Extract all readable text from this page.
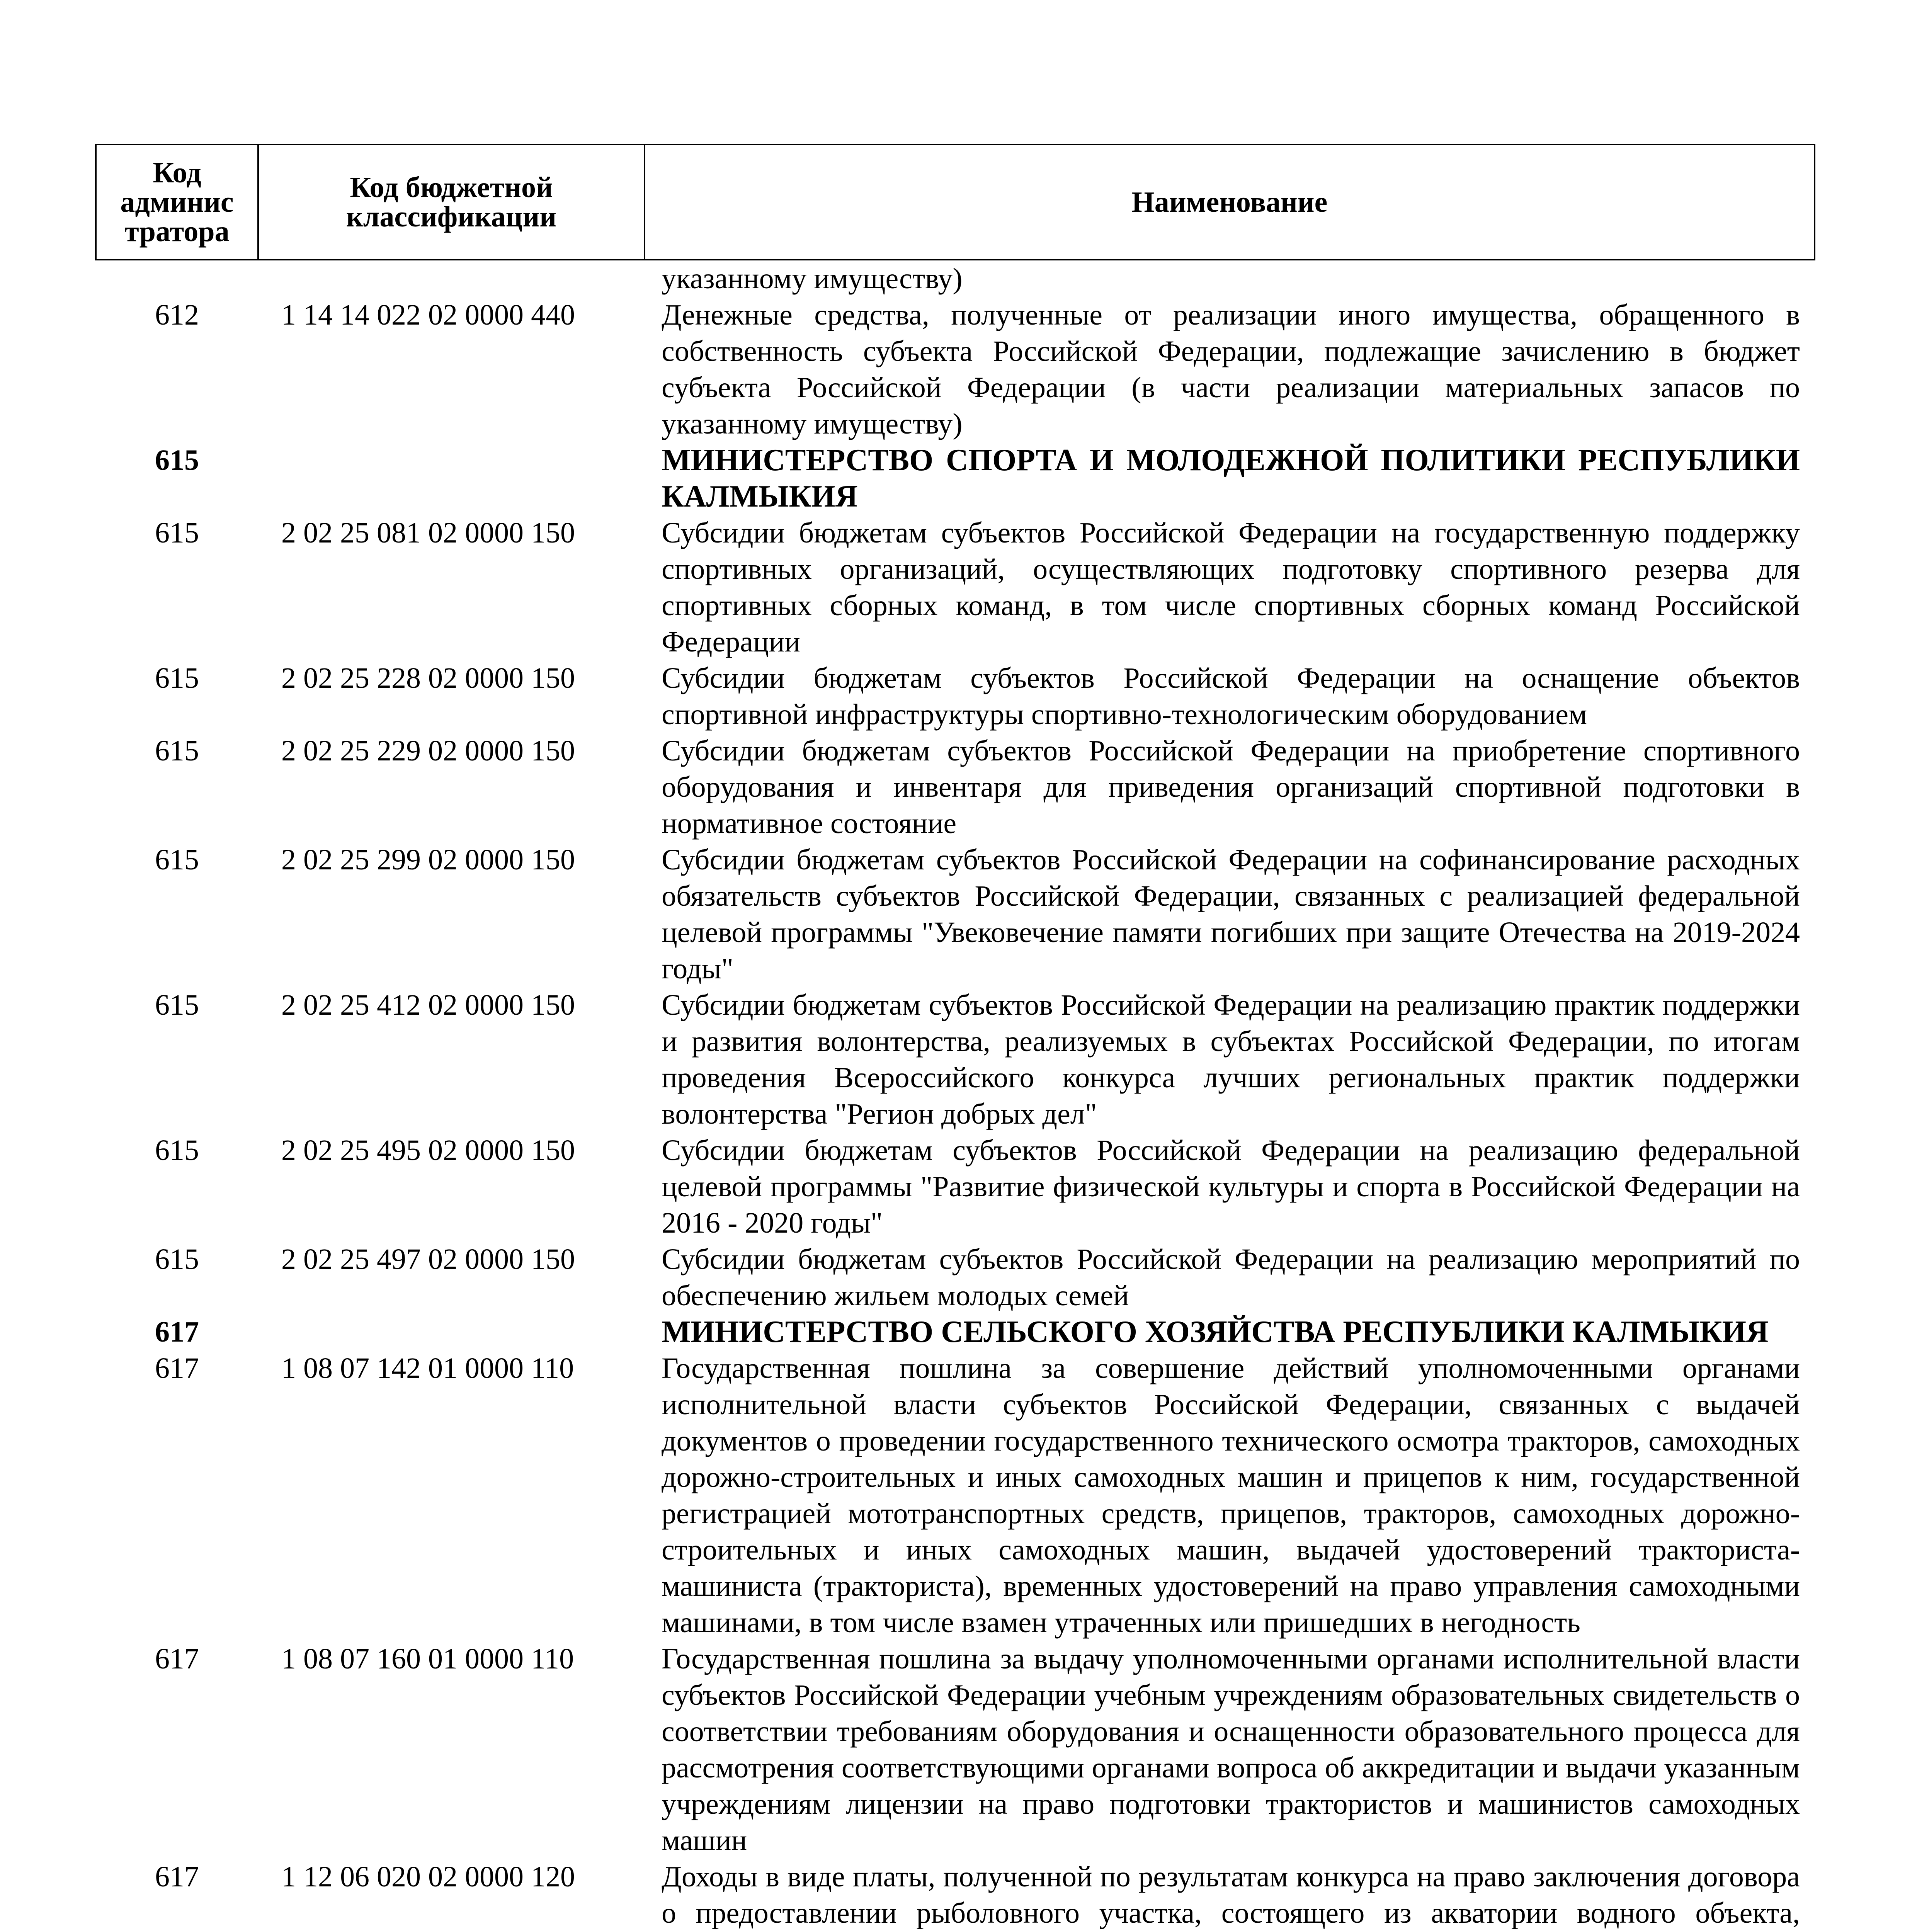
Код админис тратора	Код бюджетной классификации	Наименование
		указанному имуществу)
612	1 14 14 022 02 0000 440	Денежные средства, полученные от реализации иного имущества, обращенного в собственность субъекта Российской Федерации, подлежащие зачислению в бюджет субъекта Российской Федерации (в части реализации материальных запасов по указанному имуществу)
615		МИНИСТЕРСТВО СПОРТА И МОЛОДЕЖНОЙ ПОЛИТИКИ РЕСПУБЛИКИ КАЛМЫКИЯ
615	2 02 25 081 02 0000 150	Субсидии бюджетам субъектов Российской Федерации на государственную поддержку спортивных организаций, осуществляющих подготовку спортивного резерва для спортивных сборных команд, в том числе спортивных сборных команд Российской Федерации
615	2 02 25 228 02 0000 150	Субсидии бюджетам субъектов Российской Федерации на оснащение объектов спортивной инфраструктуры спортивно-технологическим оборудованием
615	2 02 25 229 02 0000 150	Субсидии бюджетам субъектов Российской Федерации на приобретение спортивного оборудования и инвентаря для приведения организаций спортивной подготовки в нормативное состояние
615	2 02 25 299 02 0000 150	Субсидии бюджетам субъектов Российской Федерации на софинансирование расходных обязательств субъектов Российской Федерации, связанных с реализацией федеральной целевой программы "Увековечение памяти погибших при защите Отечества на 2019-2024 годы"
615	2 02 25 412 02 0000 150	Субсидии бюджетам субъектов Российской Федерации на реализацию практик поддержки и развития волонтерства, реализуемых в субъектах Российской Федерации, по итогам проведения Всероссийского конкурса лучших региональных практик поддержки волонтерства "Регион добрых дел"
615	2 02 25 495 02 0000 150	Субсидии бюджетам субъектов Российской Федерации на реализацию федеральной целевой программы "Развитие физической культуры и спорта в Российской Федерации на 2016 - 2020 годы"
615	2 02 25 497 02 0000 150	Субсидии бюджетам субъектов Российской Федерации на реализацию мероприятий по обеспечению жильем молодых семей
617		МИНИСТЕРСТВО СЕЛЬСКОГО ХОЗЯЙСТВА РЕСПУБЛИКИ КАЛМЫКИЯ
617	1 08 07 142 01 0000 110	Государственная пошлина за совершение действий уполномоченными органами исполнительной власти субъектов Российской Федерации, связанных с выдачей документов о проведении государственного технического осмотра тракторов, самоходных дорожно-строительных и иных самоходных машин и прицепов к ним, государственной регистрацией мототранспортных средств, прицепов, тракторов, самоходных дорожно-строительных и иных самоходных машин, выдачей удостоверений тракториста-машиниста (тракториста), временных удостоверений на право управления самоходными машинами, в том числе взамен утраченных или пришедших в негодность
617	1 08 07 160 01 0000 110	Государственная пошлина за выдачу уполномоченными органами исполнительной власти субъектов Российской Федерации учебным учреждениям образовательных свидетельств о соответствии требованиям оборудования и оснащенности образовательного процесса для рассмотрения соответствующими органами вопроса об аккредитации и выдачи указанным учреждениям лицензии на право подготовки трактористов и машинистов самоходных машин
617	1 12 06 020 02 0000 120	Доходы в виде платы, полученной по результатам конкурса на право заключения договора о предоставлении рыболовного участка, состоящего из акватории водного объекта,
